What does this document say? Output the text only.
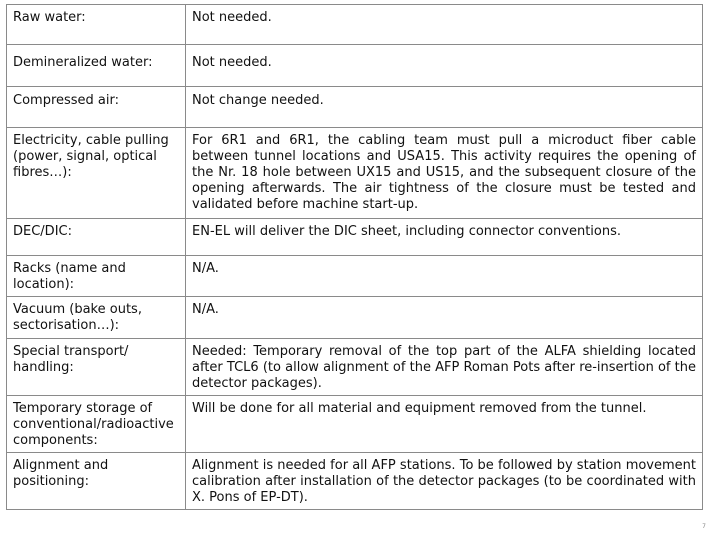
Raw water:	Not needed.
Demineralized water:	Not needed.
Compressed air:	Not change needed.
Electricity, cable pulling (power, signal, optical fibres…):	For 6R1 and 6R1, the cabling team must pull a microduct fiber cable between tunnel locations and USA15. This activity requires the opening of the Nr. 18 hole between UX15 and US15, and the subsequent closure of the opening afterwards. The air tightness of the closure must be tested and validated before machine start-up.
DEC/DIC:	EN-EL will deliver the DIC sheet, including connector conventions.
Racks (name and location):	N/A.
Vacuum (bake outs, sectorisation…):	N/A.
Special transport/ handling:	Needed: Temporary removal of the top part of the ALFA shielding located after TCL6 (to allow alignment of the AFP Roman Pots after re-insertion of the detector packages).
Temporary storage of conventional/radioactive components:	Will be done for all material and equipment removed from the tunnel.
Alignment and positioning:	Alignment is needed for all AFP stations. To be followed by station movement calibration after installation of the detector packages (to be coordinated with X. Pons of EP-DT).
7
